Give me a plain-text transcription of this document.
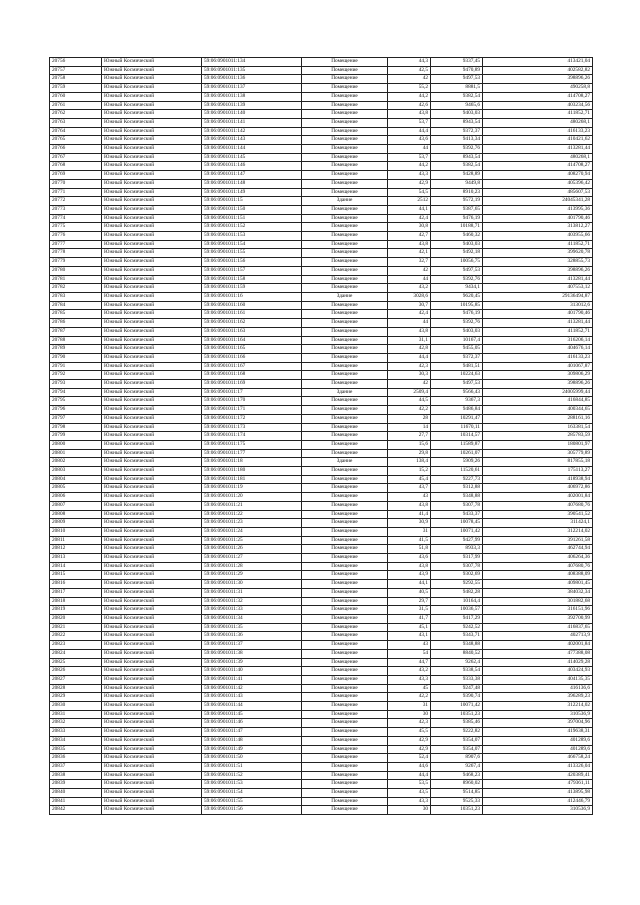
20756	Южный Космический	59:06:0901011:134	Помещение	44,3	9337,45	413421,04
20757	Южный Космический	59:06:0901011:135	Помещение	42,5	9470,89	402582,82
20758	Южный Космический	59:06:0901011:136	Помещение	42	9497,53	398896,26
20759	Южный Космический	59:06:0901011:137	Помещение	55,2	8881,5	490258,8
20760	Южный Космический	59:06:0901011:138	Помещение	44,2	9382,54	414708,27
20761	Южный Космический	59:06:0901011:139	Помещение	42,6	9465,6	403234,56
20762	Южный Космический	59:06:0901011:140	Помещение	43,8	9403,03	411852,71
20763	Южный Космический	59:06:0901011:141	Помещение	53,7	8943,54	480268,1
20764	Южный Космический	59:06:0901011:142	Помещение	44,4	9372,37	416133,23
20765	Южный Космический	59:06:0901011:143	Помещение	43,6	9413,34	410421,62
20766	Южный Космический	59:06:0901011:144	Помещение	44	9392,76	413281,44
20767	Южный Космический	59:06:0901011:145	Помещение	53,7	8943,54	480268,1
20768	Южный Космический	59:06:0901011:146	Помещение	44,2	9382,54	414708,27
20769	Южный Космический	59:06:0901011:147	Помещение	43,3	9428,89	408270,94
20770	Южный Космический	59:06:0901011:148	Помещение	42,9	9449,8	405396,42
20771	Южный Космический	59:06:0901011:149	Помещение	54,5	8910,23	485607,53
20772	Южный Космический	59:06:0901011:15	Здание	2512	9572,19	24045341,28
20773	Южный Космический	59:06:0901011:150	Помещение	44,1	9387,65	413995,36
20774	Южный Космический	59:06:0901011:151	Помещение	42,4	9476,19	401790,46
20775	Южный Космический	59:06:0901011:152	Помещение	30,8	10188,71	313812,27
20776	Южный Космический	59:06:0901011:153	Помещение	42,7	9460,32	403955,66
20777	Южный Космический	59:06:0901011:154	Помещение	43,8	9403,03	411852,71
20778	Южный Космический	59:06:0901011:155	Помещение	42,1	9492,18	399620,78
20779	Южный Космический	59:06:0901011:156	Помещение	32,7	10056,75	328855,73
20780	Южный Космический	59:06:0901011:157	Помещение	42	9497,53	398896,26
20781	Южный Космический	59:06:0901011:158	Помещение	44	9392,76	413281,44
20782	Южный Космический	59:06:0901011:159	Помещение	43,2	9434,1	407553,12
20783	Южный Космический	59:06:0901011:16	Здание	3028,6	9620,45	29136494,87
20784	Южный Космический	59:06:0901011:160	Помещение	30,7	10195,85	313012,6
20785	Южный Космический	59:06:0901011:161	Помещение	42,4	9476,19	401790,46
20786	Южный Космический	59:06:0901011:162	Помещение	44	9392,76	413281,44
20787	Южный Космический	59:06:0901011:163	Помещение	43,8	9403,03	411852,71
20788	Южный Космический	59:06:0901011:164	Помещение	31,1	10167,4	316206,14
20789	Южный Космический	59:06:0901011:165	Помещение	42,8	9455,05	404676,14
20790	Южный Космический	59:06:0901011:166	Помещение	44,4	9372,37	416133,23
20791	Южный Космический	59:06:0901011:167	Помещение	42,3	9481,51	401067,87
20792	Южный Космический	59:06:0901011:168	Помещение	30,3	10224,63	309806,29
20793	Южный Космический	59:06:0901011:169	Помещение	42	9497,53	398896,26
20794	Южный Космический	59:06:0901011:17	Здание	2509,4	9566,43	24005999,44
20795	Южный Космический	59:06:0901011:170	Помещение	44,5	9367,3	416844,85
20796	Южный Космический	59:06:0901011:171	Помещение	42,2	9486,84	400344,65
20797	Южный Космический	59:06:0901011:172	Помещение	28	10291,47	288161,16
20798	Южный Космический	59:06:0901011:173	Помещение	14	11670,11	163381,54
20799	Южный Космический	59:06:0901011:174	Помещение	27,7	10314,57	285783,59
20800	Южный Космический	59:06:0901011:175	Помещение	15,6	11589,87	180801,97
20801	Южный Космический	59:06:0901011:177	Помещение	29,8	10261,07	305779,89
20802	Южный Космический	59:06:0901011:18	Здание	138,4	5909,26	817855,18
20803	Южный Космический	59:06:0901011:180	Помещение	15,2	11520,61	175113,27
20804	Южный Космический	59:06:0901011:181	Помещение	45,4	9227,73	418938,94
20805	Южный Космический	59:06:0901011:19	Помещение	43,7	9312,88	406972,86
20806	Южный Космический	59:06:0901011:20	Помещение	43	9348,88	402001,84
20807	Южный Космический	59:06:0901011:21	Помещение	43,8	9307,78	407680,76
20808	Южный Космический	59:06:0901011:22	Помещение	41,4	9433,37	390541,52
20809	Южный Космический	59:06:0901011:23	Помещение	30,9	10078,45	311424,1
20810	Южный Космический	59:06:0901011:24	Помещение	31	10071,42	312214,02
20811	Южный Космический	59:06:0901011:25	Помещение	41,5	9427,99	391261,58
20812	Южный Космический	59:06:0901011:26	Помещение	51,8	8933,3	462744,94
20813	Южный Космический	59:06:0901011:27	Помещение	43,6	9317,99	406264,36
20814	Южный Космический	59:06:0901011:28	Помещение	43,8	9307,78	407680,76
20815	Южный Космический	59:06:0901011:29	Помещение	43,9	9302,69	408388,09
20816	Южный Космический	59:06:0901011:30	Помещение	44,1	9292,55	409801,45
20817	Южный Космический	59:06:0901011:31	Помещение	40,5	9482,28	384032,34
20818	Южный Космический	59:06:0901011:32	Помещение	29,7	10164,4	301882,68
20819	Южный Космический	59:06:0901011:33	Помещение	31,5	10036,57	316151,96
20820	Южный Космический	59:06:0901011:34	Помещение	41,7	9417,29	392700,99
20821	Южный Космический	59:06:0901011:35	Помещение	45,1	9242,52	416837,65
20822	Южный Космический	59:06:0901011:36	Помещение	43,1	9343,71	402713,9
20823	Южный Космический	59:06:0901011:37	Помещение	43	9348,88	402001,84
20824	Южный Космический	59:06:0901011:38	Помещение	54	8840,52	477388,08
20825	Южный Космический	59:06:0901011:39	Помещение	44,7	9262,4	414029,28
20826	Южный Космический	59:06:0901011:40	Помещение	43,2	9338,54	403424,93
20827	Южный Космический	59:06:0901011:41	Помещение	43,3	9333,38	404135,35
20828	Южный Космический	59:06:0901011:42	Помещение	45	9247,48	416136,6
20829	Южный Космический	59:06:0901011:43	Помещение	42,2	9390,74	396289,23
20830	Южный Космический	59:06:0901011:44	Помещение	31	10071,42	312214,02
20831	Южный Космический	59:06:0901011:45	Помещение	30	10351,23	310536,9
20832	Южный Космический	59:06:0901011:46	Помещение	42,3	9385,46	397004,96
20833	Южный Космический	59:06:0901011:47	Помещение	45,5	9222,82	419638,31
20834	Южный Космический	59:06:0901011:48	Помещение	42,9	9354,07	401289,6
20835	Южный Космический	59:06:0901011:49	Помещение	42,9	9354,07	401289,6
20836	Южный Космический	59:06:0901011:50	Помещение	52,4	8907,6	466758,24
20837	Южный Космический	59:06:0901011:51	Помещение	44,6	9267,4	413326,04
20838	Южный Космический	59:06:0901011:52	Помещение	44,4	9468,23	420389,41
20839	Южный Космический	59:06:0901011:53	Помещение	53,5	8960,02	479361,11
20840	Южный Космический	59:06:0901011:54	Помещение	43,5	9514,85	413895,98
20841	Южный Космический	59:06:0901011:55	Помещение	43,3	9525,33	412446,79
20842	Южный Космический	59:06:0901011:56	Помещение	30	10351,23	310536,9
